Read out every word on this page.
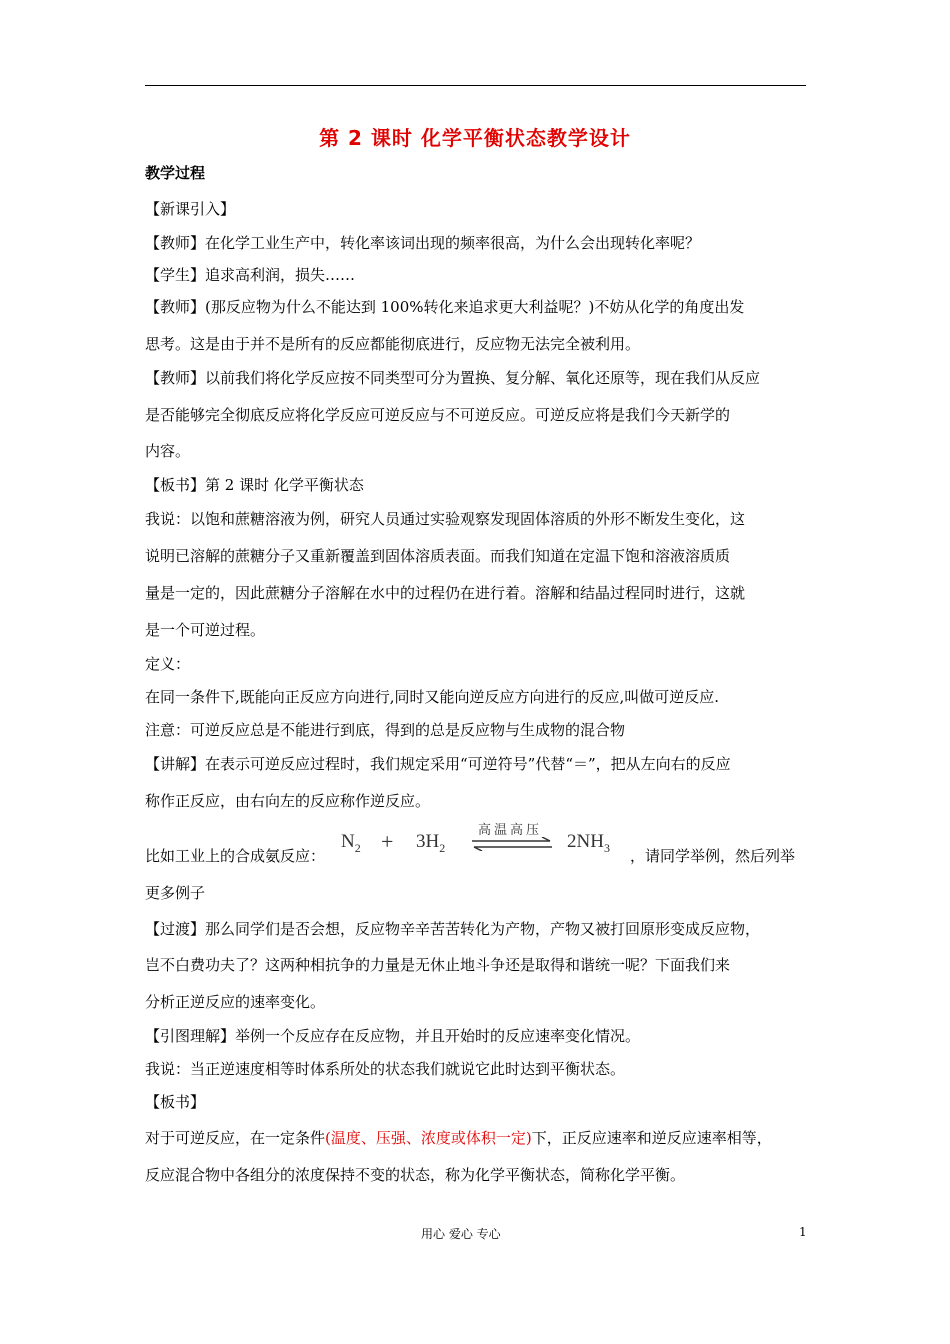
第 2 课时 化学平衡状态教学设计
教学过程
【新课引入】
【教师】在化学工业生产中，转化率该词出现的频率很高，为什么会出现转化率呢？
【学生】追求高利润，损失……
【教师】(那反应物为什么不能达到 100%转化来追求更大利益呢？)不妨从化学的角度出发
思考。这是由于并不是所有的反应都能彻底进行，反应物无法完全被利用。
【教师】以前我们将化学反应按不同类型可分为置换、复分解、氧化还原等，现在我们从反应
是否能够完全彻底反应将化学反应可逆反应与不可逆反应。可逆反应将是我们今天新学的
内容。
【板书】第 2 课时 化学平衡状态
我说：以饱和蔗糖溶液为例，研究人员通过实验观察发现固体溶质的外形不断发生变化，这
说明已溶解的蔗糖分子又重新覆盖到固体溶质表面。而我们知道在定温下饱和溶液溶质质
量是一定的，因此蔗糖分子溶解在水中的过程仍在进行着。溶解和结晶过程同时进行，这就
是一个可逆过程。
定义：
在同一条件下,既能向正反应方向进行,同时又能向逆反应方向进行的反应,叫做可逆反应.
注意：可逆反应总是不能进行到底，得到的总是反应物与生成物的混合物
【讲解】在表示可逆反应过程时，我们规定采用“可逆符号”代替“＝”，把从左向右的反应
称作正反应，由右向左的反应称作逆反应。
比如工业上的合成氨反应：
$N_2 + 3H_2$
高温高压
$2NH_3$ ，请同学举例，然后列举
更多例子
【过渡】那么同学们是否会想，反应物辛辛苦苦转化为产物，产物又被打回原形变成反应物，
岂不白费功夫了？这两种相抗争的力量是无休止地斗争还是取得和谐统一呢？下面我们来
分析正逆反应的速率变化。
【引图理解】举例一个反应存在反应物，并且开始时的反应速率变化情况。
我说：当正逆速度相等时体系所处的状态我们就说它此时达到平衡状态。
【板书】
对于可逆反应，在一定条件(温度、压强、浓度或体积一定)下，正反应速率和逆反应速率相等，
反应混合物中各组分的浓度保持不变的状态，称为化学平衡状态，简称化学平衡。
用心 爱心 专心	1
